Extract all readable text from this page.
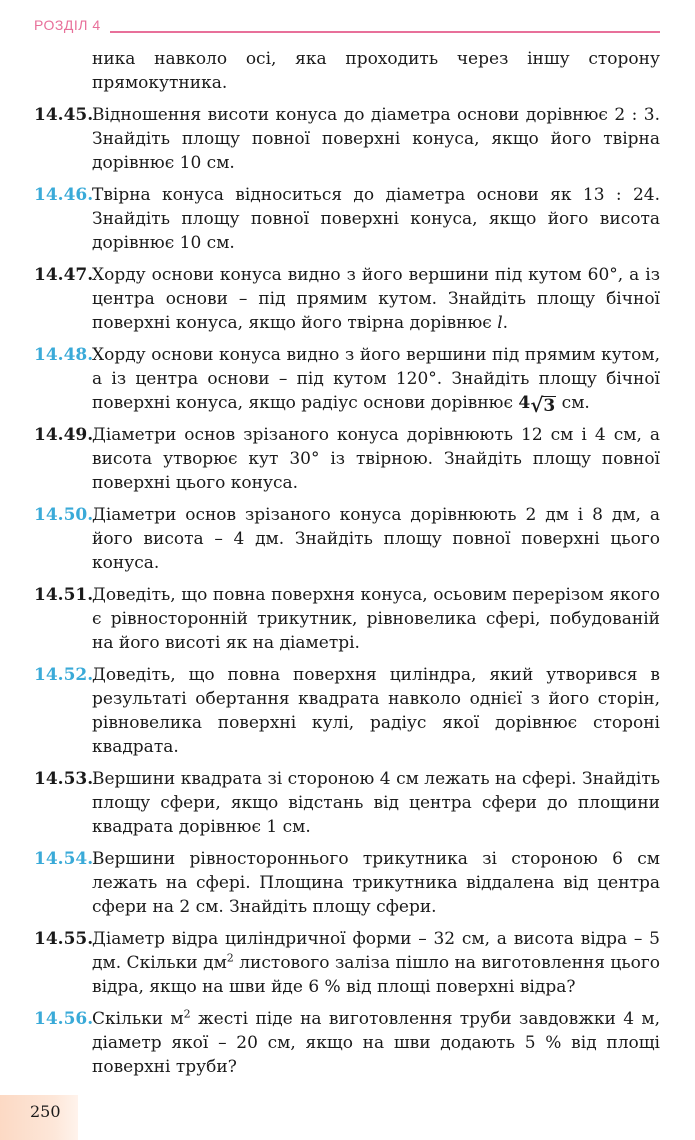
РОЗДІЛ 4
ника навколо осі, яка проходить через іншу сторону прямокутника.
14.45.
Відношення висоти конуса до діаметра основи дорівнює 2 : 3. Знайдіть площу повної поверхні конуса, якщо його твірна дорівнює 10 см.
14.46.
Твірна конуса відноситься до діаметра основи як 13 : 24. Знайдіть площу повної поверхні конуса, якщо його висота дорівнює 10 см.
14.47.
Хорду основи конуса видно з його вершини під кутом 60°, а із центра основи – під прямим кутом. Знайдіть площу бічної поверхні конуса, якщо його твірна дорівнює l.
14.48.
Хорду основи конуса видно з його вершини під прямим кутом, а із центра основи – під кутом 120°. Знайдіть площу бічної поверхні конуса, якщо радіус основи дорівнює 4 √ 3 см.
14.49.
Діаметри основ зрізаного конуса дорівнюють 12 см і 4 см, а висота утворює кут 30° із твірною. Знайдіть площу повної поверхні цього конуса.
14.50.
Діаметри основ зрізаного конуса дорівнюють 2 дм і 8 дм, а його висота – 4 дм. Знайдіть площу повної поверхні цього конуса.
14.51.
Доведіть, що повна поверхня конуса, осьовим перерізом якого є рівносторонній трикутник, рівновелика сфері, побудованій на його висоті як на діаметрі.
14.52.
Доведіть, що повна поверхня циліндра, який утворився в результаті обертання квадрата навколо однієї з його сторін, рівновелика поверхні кулі, радіус якої дорівнює стороні квадрата.
14.53.
Вершини квадрата зі стороною 4 см лежать на сфері. Знайдіть площу сфери, якщо відстань від центра сфери до площини квадрата дорівнює 1 см.
14.54.
Вершини рівностороннього трикутника зі стороною 6 см лежать на сфері. Площина трикутника віддалена від центра сфери на 2 см. Знайдіть площу сфери.
14.55.
Діаметр відра циліндричної форми – 32 см, а висота відра – 5 дм. Скільки $дм^2$ листового заліза пішло на виготовлення цього відра, якщо на шви йде 6 % від площі поверхні відра?
14.56.
Скільки $м^2$ жесті піде на виготовлення труби завдовжки 4 м, діаметр якої – 20 см, якщо на шви додають 5 % від площі поверхні труби?
250
